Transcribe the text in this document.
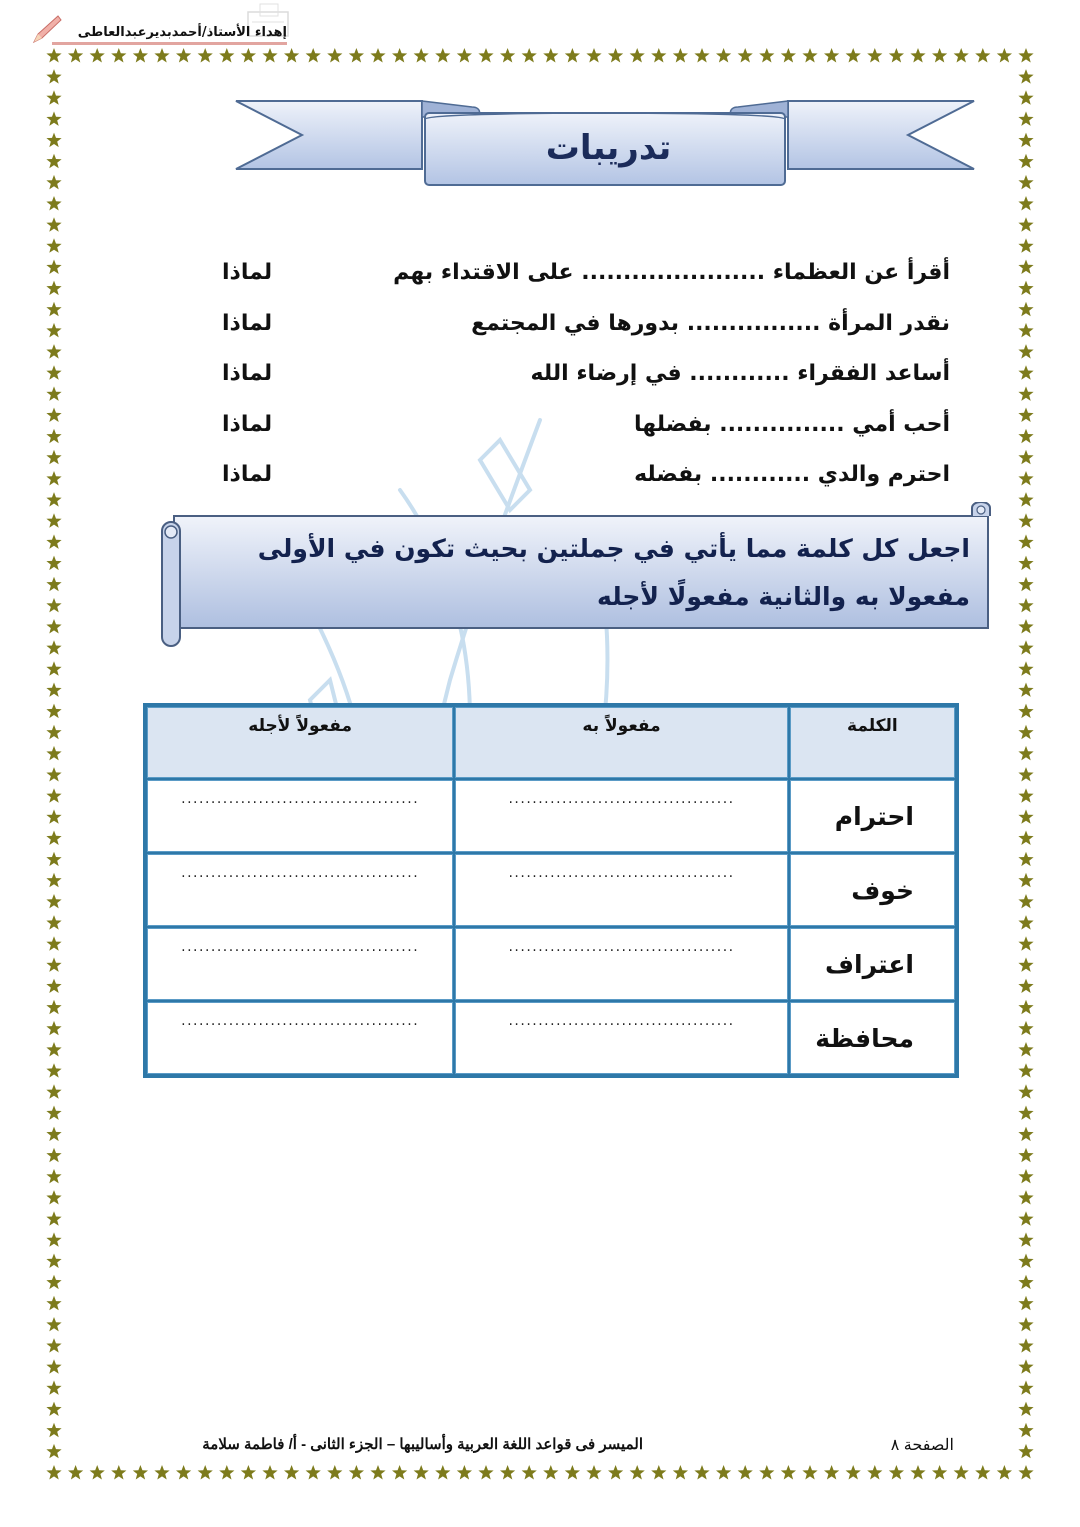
إهداء الأستاذ/أحمدبديرعبدالعاطى
تدريبات
أقرأ عن العظماء ...................... على الاقتداء بهم
لماذا
نقدر المرأة ................ بدورها في المجتمع
لماذا
أساعد الفقراء ............ في إرضاء الله
لماذا
أحب أمي ............... بفضلها
لماذا
احترم والدي ............ بفضله
لماذا
اجعل كل كلمة مما يأتي في جملتين بحيث تكون في الأولى
مفعولا به والثانية مفعولًا لأجله
الكلمة	مفعولاً به	مفعولاً لأجله
احترام	......................................	........................................
خوف	......................................	........................................
اعتراف	......................................	........................................
محافظة	......................................	........................................
الصفحة ٨
الميسر فى قواعد اللغة العربية وأساليبها – الجزء الثانى - أ/ فاطمة سلامة
